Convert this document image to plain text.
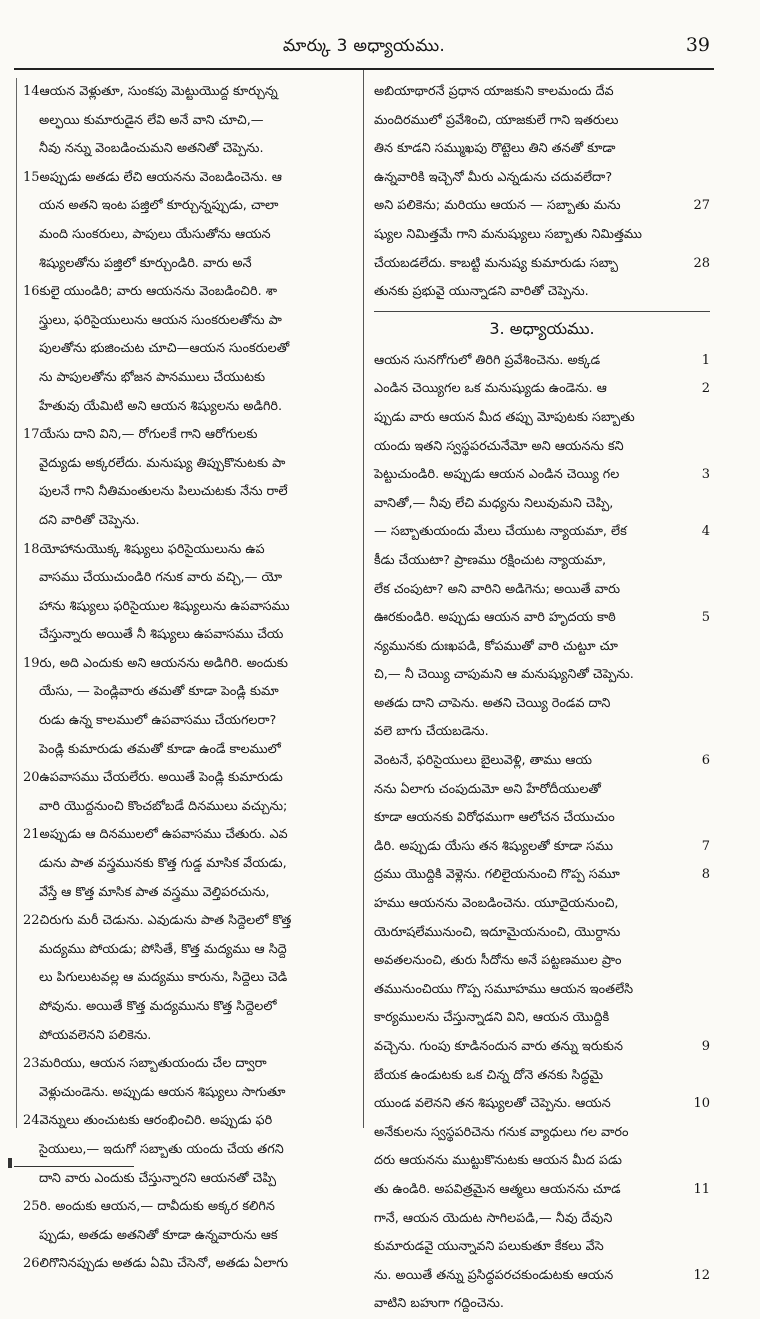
మార్కు 3 అధ్యాయము.	39
14ఆయన వెళ్లుతూ, సుంకపు మెట్టుయొద్ద కూర్చున్న
అల్ఫయి కుమారుడైన లేవి అనే వాని చూచి,—
నీవు నన్ను వెంబడించుమని అతనితో చెప్పెను.
15అప్పుడు అతడు లేచి ఆయనను వెంబడించెను. ఆ
యన అతని ఇంట పజ్తిలో కూర్చున్నప్పుడు, చాలా
మంది సుంకరులు, పాపులు యేసుతోను ఆయన
శిష్యులతోను పజ్తిలో కూర్చుండిరి. వారు అనే
16కులై యుండిరి; వారు ఆయనను వెంబడించిరి. శా
స్త్రులు, ఫరిసైయులును ఆయన సుంకరులతోను పా
పులతోను భుజించుట చూచి—ఆయన సుంకరులతో
ను పాపులతోను భోజన పానములు చేయుటకు
హేతువు యేమిటి అని ఆయన శిష్యులను అడిగిరి.
17యేసు దాని విని,— రోగులకే గాని ఆరోగులకు
వైద్యుడు అక్కరలేదు. మనుష్యు తిప్పుకొనుటకు పా
పులనే గాని నీతిమంతులను పిలుచుటకు నేను రాలే
దని వారితో చెప్పెను.
18యోహానుయొక్క శిష్యులు ఫరిసైయులును ఉప
వాసము చేయుచుండిరి గనుక వారు వచ్చి,— యో
హాను శిష్యులు ఫరిసైయుల శిష్యులును ఉపవాసము
చేస్తున్నారు అయితే నీ శిష్యులు ఉపవాసము చేయ
19రు, అది ఎందుకు అని ఆయనను అడిగిరి. అందుకు
యేసు, — పెండ్లివారు తమతో కూడా పెండ్లి కుమా
రుడు ఉన్న కాలములో ఉపవాసము చేయగలరా?
పెండ్లి కుమారుడు తమతో కూడా ఉండే కాలములో
20ఉపవాసము చేయలేరు. అయితే పెండ్లి కుమారుడు
వారి యొద్దనుంచి కొంచబోబడే దినములు వచ్చును;
21అప్పుడు ఆ దినములలో ఉపవాసము చేతురు. ఎవ
డును పాత వస్త్రమునకు కొత్త గుడ్డ మాసిక వేయడు,
వేస్తే ఆ కొత్త మాసిక పాత వస్త్రము వెల్తిపరచును,
22చిరుగు మరీ చెడును. ఎవుడును పాత సిద్దెలలో కొత్త
మద్యము పోయడు; పోసితే, కొత్త మద్యము ఆ సిద్దె
లు పిగులుటవల్ల ఆ మద్యము కారును, సిద్దెలు చెడి
పోవును. అయితే కొత్త మద్యమును కొత్త సిద్దెలలో
పోయవలెనని పలికెను.
23మరియు, ఆయన సబ్బాతుయందు చేల ద్వారా
వెళ్లుచుండెను. అప్పుడు ఆయన శిష్యులు సాగుతూ
24వెన్నులు తుంచుటకు ఆరంభించిరి. అప్పుడు ఫరి
సైయులు,— ఇదుగో సబ్బాతు యందు చేయ తగని
దాని వారు ఎందుకు చేస్తున్నారని ఆయనతో చెప్పి
25రి. అందుకు ఆయన,— దావీదుకు అక్కర కలిగిన
ప్పుడు, అతడు అతనితో కూడా ఉన్నవారును ఆక
26లిగొనినప్పుడు అతడు ఏమి చేసెనో, అతడు ఏలాగు
అబియాథారనే ప్రధాన యాజకుని కాలమందు దేవ
మందిరములో ప్రవేశించి, యాజకులే గాని ఇతరులు
తిన కూడని సమ్ముఖపు రొట్టెలు తిని తనతో కూడా
ఉన్నవారికి ఇచ్చెనో మీరు ఎన్నడును చదువలేదా?
అని పలికెను; మరియు ఆయన — సబ్బాతు మను	27
ష్యుల నిమిత్తమే గాని మనుష్యులు సబ్బాతు నిమిత్తము
చేయబడలేదు. కాబట్టి మనుష్య కుమారుడు సబ్బా	28
తునకు ప్రభువై యున్నాడని వారితో చెప్పెను.
3. అధ్యాయము.
ఆయన సునగోగులో తిరిగి ప్రవేశించెను. అక్కడ	1
ఎండిన చెయ్యిగల ఒక మనుష్యుడు ఉండెను. ఆ	2
ప్పుడు వారు ఆయన మీద తప్పు మోపుటకు సబ్బాతు
యందు ఇతని స్వస్థపరచునేమో అని ఆయనను కని
పెట్టుచుండిరి. అప్పుడు ఆయన ఎండిన చెయ్యి గల	3
వానితో,— నీవు లేచి మధ్యను నిలువుమని చెప్పి,
— సబ్బాతుయందు మేలు చేయుట న్యాయమా, లేక	4
కీడు చేయుటా? ప్రాణము రక్షించుట న్యాయమా,
లేక చంపుటా? అని వారిని అడిగెను; అయితే వారు
ఊరకుండిరి. అప్పుడు ఆయన వారి హృదయ కాఠి	5
న్యమునకు దుఃఖపడి, కోపముతో వారి చుట్టూ చూ
చి,— నీ చెయ్యి చాపుమని ఆ మనుష్యునితో చెప్పెను.
అతడు దాని చాపెను. అతని చెయ్యి రెండవ దాని
వలె బాగు చేయబడెను.
వెంటనే, ఫరిసైయులు బైలువెళ్లి, తాము ఆయ	6
నను ఏలాగు చంపుదుమో అని హేరోదీయులతో
కూడా ఆయనకు విరోధముగా ఆలోచన చేయుచుం
డిరి. అప్పుడు యేసు తన శిష్యులతో కూడా సము	7
ద్రము యొద్దికి వెళ్లెను. గలిలైయనుంచి గొప్ప సమూ	8
హము ఆయనను వెంబడించెను. యూదైయనుంచి,
యెరూషలేమునుంచి, ఇదూమైయనుంచి, యొర్దాను
అవతలనుంచి, తురు సీదోను అనే పట్టణముల ప్రాం
తమునుంచియు గొప్ప సమూహము ఆయన ఇంతలేసి
కార్యములను చేస్తున్నాడని విని, ఆయన యొద్దికి
వచ్చెను. గుంపు కూడినందున వారు తన్ను ఇరుకున	9
బేయక ఉండుటకు ఒక చిన్న దోనె తనకు సిద్ధమై
యుండ వలెనని తన శిష్యులతో చెప్పెను. ఆయన	10
అనేకులను స్వస్థపరిచెను గనుక వ్యాధులు గల వారం
దరు ఆయనను ముట్టుకొనుటకు ఆయన మీద పడు
తు ఉండిరి. అపవిత్రమైన ఆత్మలు ఆయనను చూడ	11
గానే, ఆయన యెదుట సాగిలపడి,— నీవు దేవుని
కుమారుడవై యున్నావని పలుకుతూ కేకలు వేసె
ను. అయితే తన్ను ప్రసిద్ధపరచకుండుటకు ఆయన	12
వాటిని బహుగా గద్దించెను.
